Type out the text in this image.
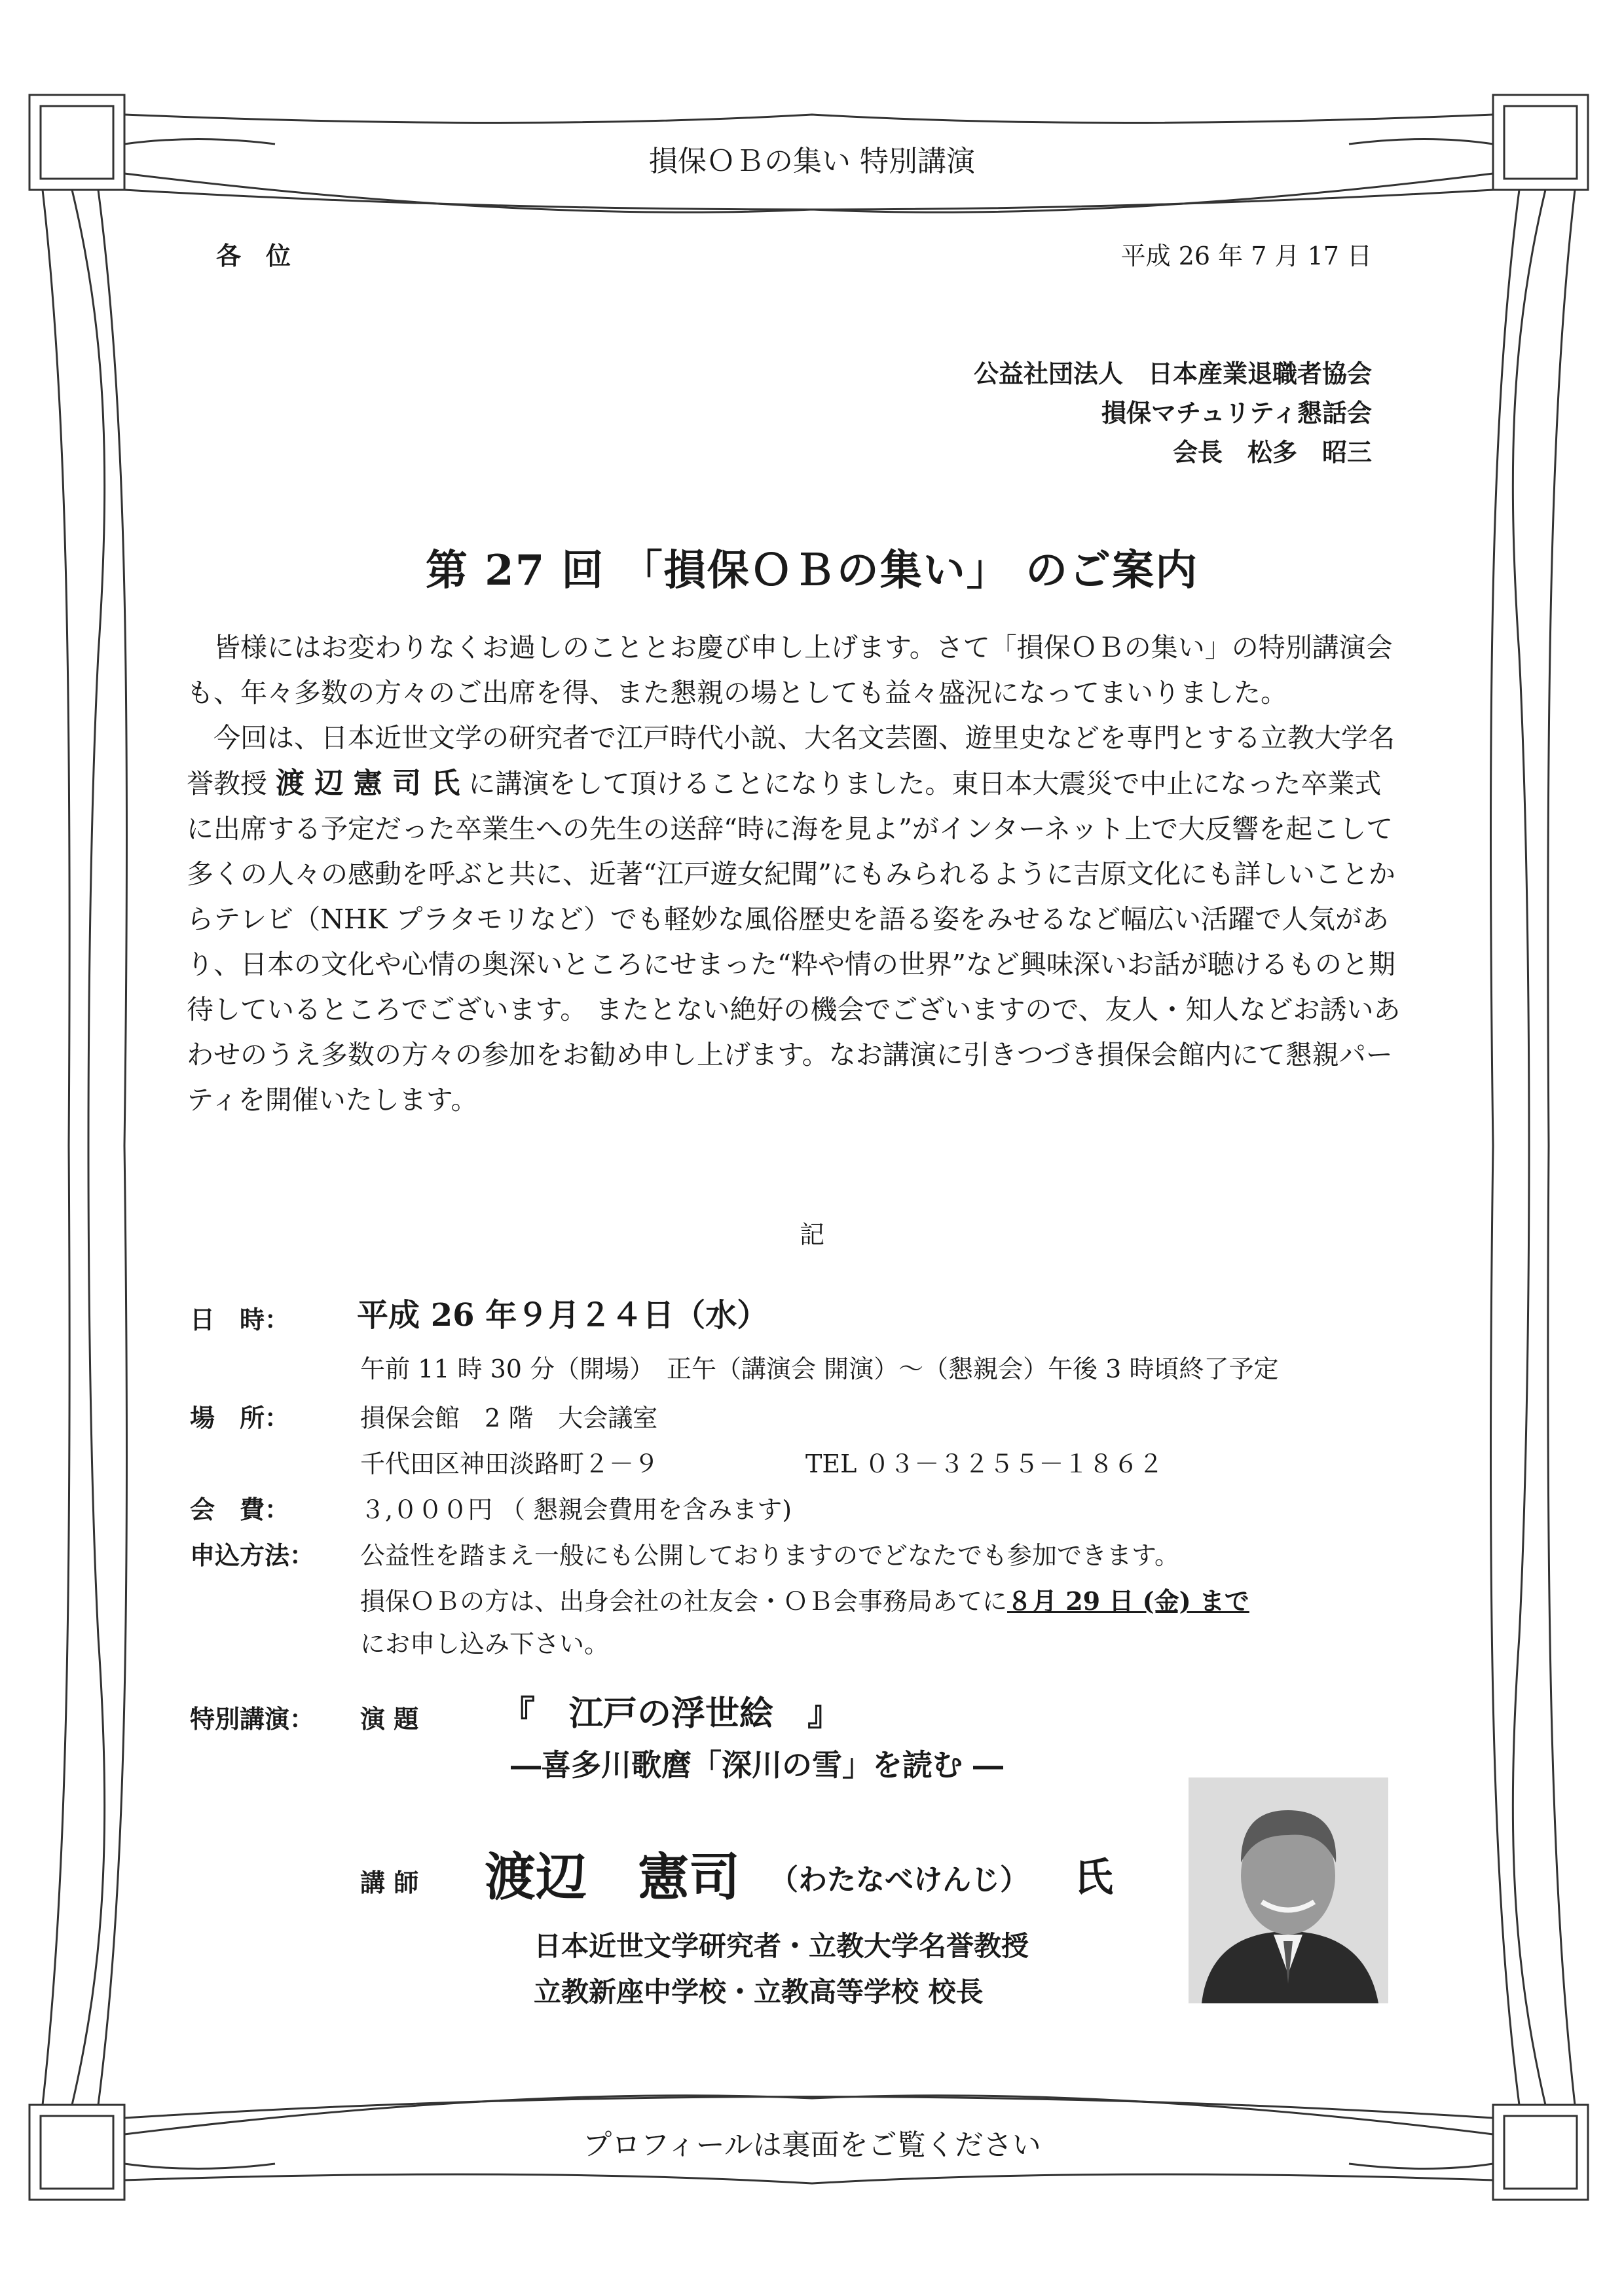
損保ＯＢの集い 特別講演
各　位	平成 26 年 7 月 17 日
公益社団法人　日本産業退職者協会
損保マチュリティ懇話会
会長　松多　昭三
第 27 回 「損保ＯＢの集い」 のご案内

皆様にはお変わりなくお過しのこととお慶び申し上げます。さて「損保ＯＢの集い」の特別講演会も、年々多数の方々のご出席を得、また懇親の場としても益々盛況になってまいりました。

今回は、日本近世文学の研究者で江戸時代小説、大名文芸圏、遊里史などを専門とする立教大学名誉教授 渡 辺 憲 司 氏 に講演をして頂けることになりました。東日本大震災で中止になった卒業式に出席する予定だった卒業生への先生の送辞“時に海を見よ”がインターネット上で大反響を起こして多くの人々の感動を呼ぶと共に、近著“江戸遊女紀聞”にもみられるように吉原文化にも詳しいことからテレビ（NHK プラタモリなど）でも軽妙な風俗歴史を語る姿をみせるなど幅広い活躍で人気があり、日本の文化や心情の奥深いところにせまった“粋や情の世界”など興味深いお話が聴けるものと期待しているところでございます。 またとない絶好の機会でございますので、友人・知人などお誘いあわせのうえ多数の方々の参加をお勧め申し上げます。なお講演に引きつづき損保会館内にて懇親パーティを開催いたします。

記
日　時： 平成 26 年９月２４日（水）
午前 11 時 30 分（開場）　正午（講演会 開演）～（懇親会）午後 3 時頃終了予定
場　所：	損保会館　2 階　大会議室
千代田区神田淡路町２－９	TEL ０３－３２５５－１８６２
会　費：	３,０００円 （ 懇親会費用を含みます)
申込方法： 公益性を踏まえ一般にも公開しておりますのでどなたでも参加できます。
損保ＯＢの方は、出身会社の社友会・ＯＢ会事務局あてに８月 29 日 (金) まで
にお申し込み下さい。
特別講演： 演 題 『　江戸の浮世絵　』
―喜多川歌麿「深川の雪」を読む ―
講 師 渡辺　憲司 （わたなべけんじ） 氏
日本近世文学研究者・立教大学名誉教授
立教新座中学校・立教高等学校 校長
プロフィールは裏面をご覧ください
